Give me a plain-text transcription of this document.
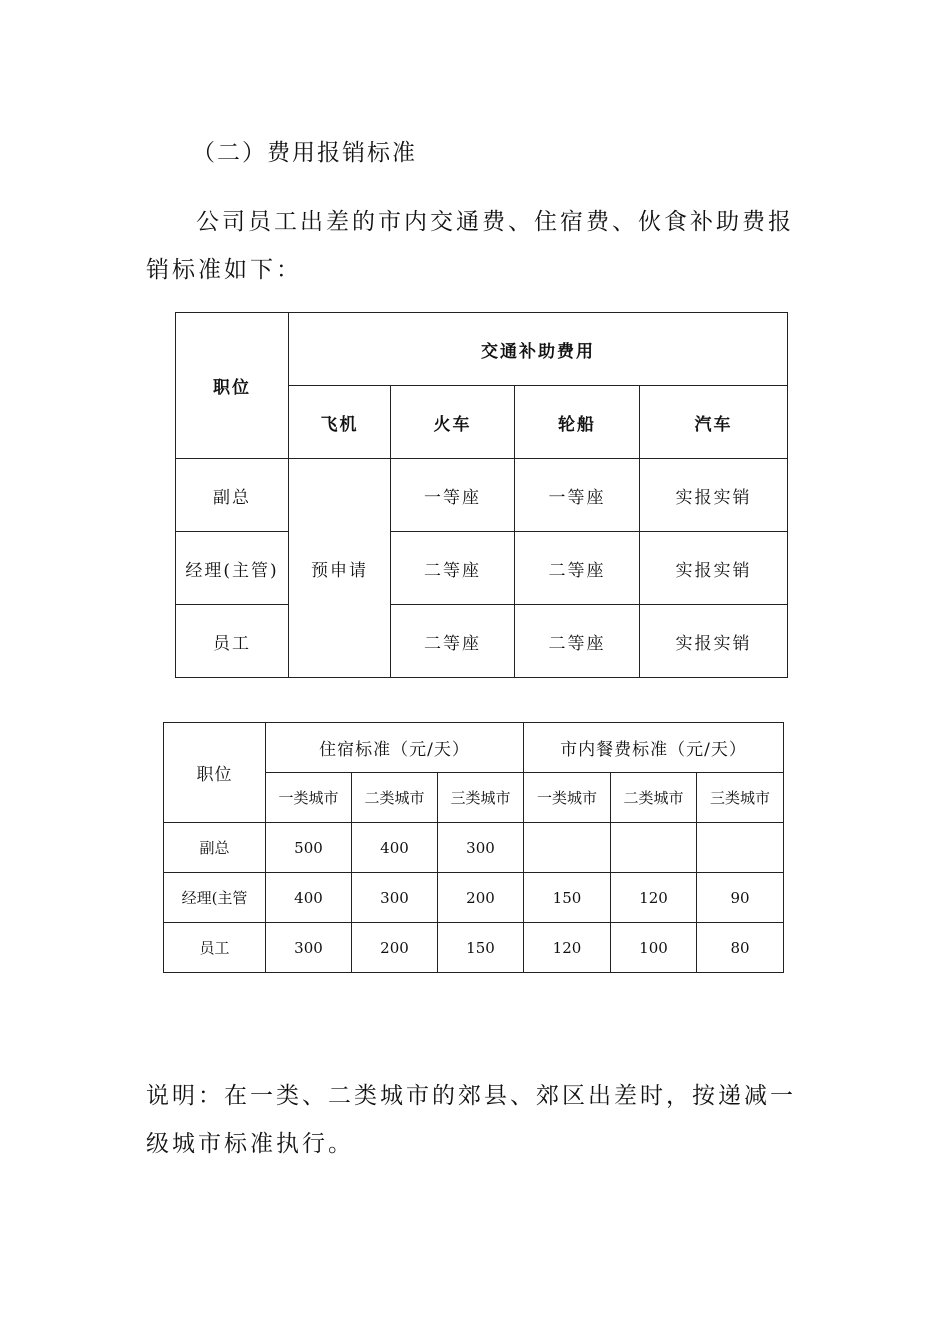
（二）费用报销标准
公司员工出差的市内交通费、住宿费、伙食补助费报销标准如下：
职位	交通补助费用			
	飞机	火车	轮船	汽车
副总	预申请	一等座	一等座	实报实销
经理(主管)		二等座	二等座	实报实销
员工		二等座	二等座	实报实销
职位	住宿标准（元/天）			市内餐费标准（元/天）		
	一类城市	二类城市	三类城市	一类城市	二类城市	三类城市
副总	500	400	300			
经理(主管	400	300	200	150	120	90
员工	300	200	150	120	100	80
说明：在一类、二类城市的郊县、郊区出差时，按递减一级城市标准执行。
